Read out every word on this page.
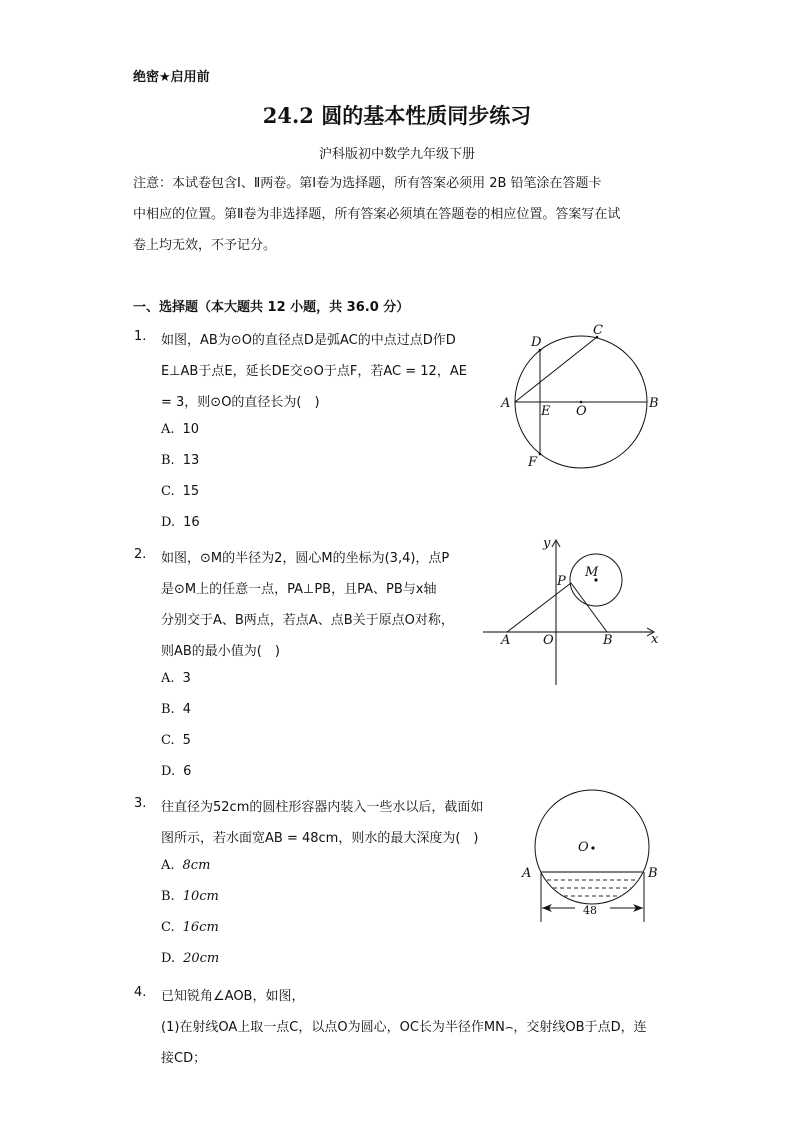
绝密★启用前
24.2 圆的基本性质同步练习
沪科版初中数学九年级下册
注意：本试卷包含Ⅰ、Ⅱ两卷。第Ⅰ卷为选择题，所有答案必须用 2B 铅笔涂在答题卡
中相应的位置。第Ⅱ卷为非选择题，所有答案必须填在答题卷的相应位置。答案写在试
卷上均无效，不予记分。
一、选择题（本大题共 12 小题，共 36.0 分）
1. 如图，AB为⊙O的直径点D是弧AC的中点过点D作D
E⊥AB于点E，延长DE交⊙O于点F，若AC = 12，AE
= 3，则⊙O的直径长为(　)
A. 10
B. 13
C. 15
D. 16
A	B
C
D
E
F
O
2. 如图，⊙M的半径为2，圆心M的坐标为(3,4)，点P
是⊙M上的任意一点，PA⊥PB，且PA、PB与x轴
分别交于A、B两点，若点A、点B关于原点O对称，
则AB的最小值为(　)
A. 3
B. 4
C. 5
D. 6
y
x
O
A	B
P
M
3. 往直径为52cm的圆柱形容器内装入一些水以后，截面如
图所示，若水面宽AB = 48cm，则水的最大深度为(　)
A. 8cm
B. 10cm
C. 16cm
D. 20cm
48
A	B
O
4. 已知锐角∠AOB，如图，
(1)在射线OA上取一点C，以点O为圆心，OC长为半径作MN⌢，交射线OB于点D，连
接CD；
